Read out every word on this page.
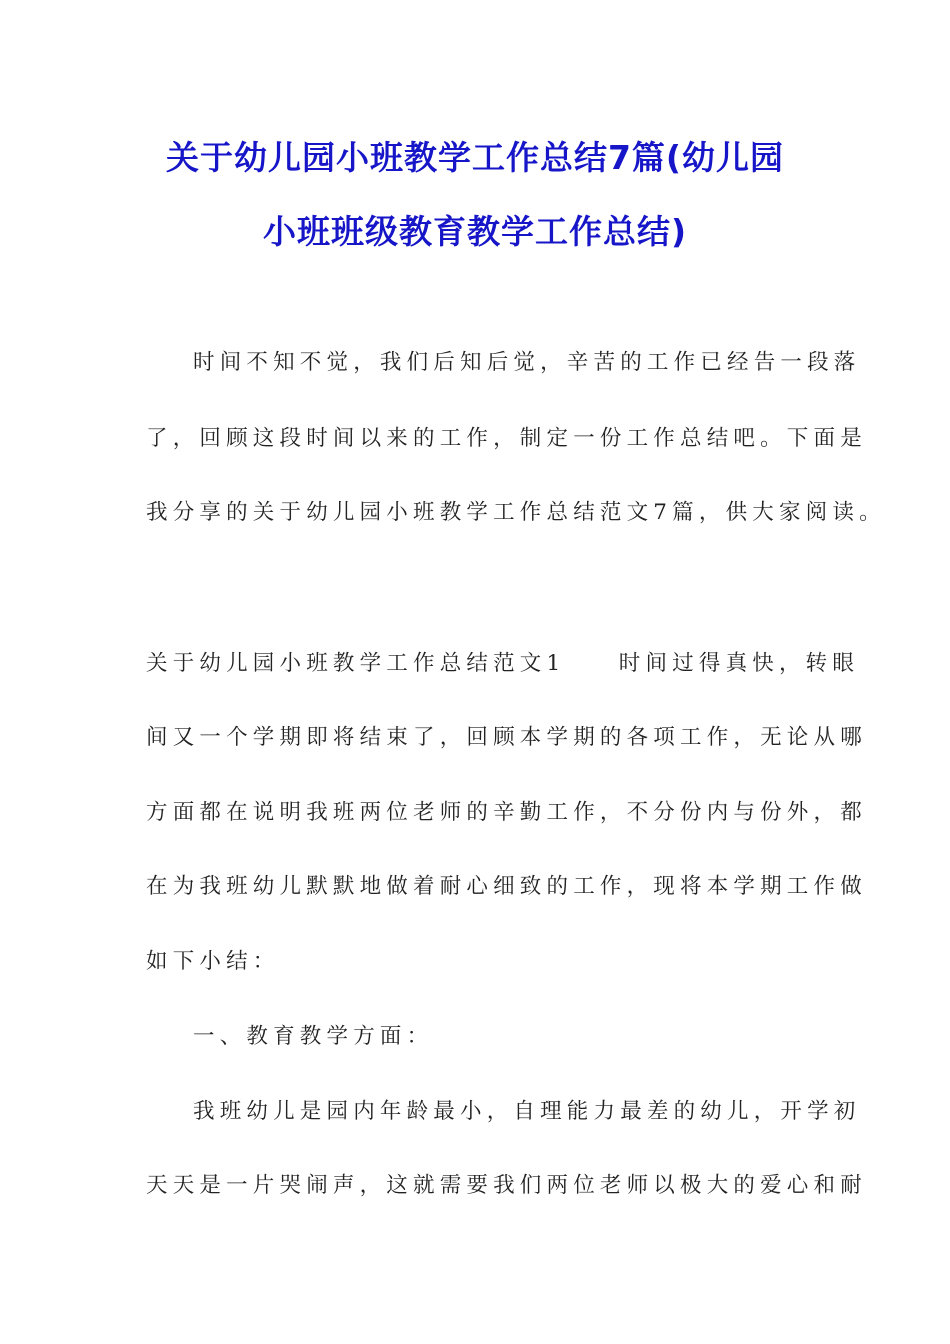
关于幼儿园小班教学工作总结7篇(幼儿园
小班班级教育教学工作总结)
时间不知不觉，我们后知后觉，辛苦的工作已经告一段落
了，回顾这段时间以来的工作，制定一份工作总结吧。下面是
我分享的关于幼儿园小班教学工作总结范文7篇，供大家阅读。
关于幼儿园小班教学工作总结范文1　　时间过得真快，转眼
间又一个学期即将结束了，回顾本学期的各项工作，无论从哪
方面都在说明我班两位老师的辛勤工作，不分份内与份外，都
在为我班幼儿默默地做着耐心细致的工作，现将本学期工作做
如下小结：
一、教育教学方面：
我班幼儿是园内年龄最小，自理能力最差的幼儿，开学初
天天是一片哭闹声，这就需要我们两位老师以极大的爱心和耐
